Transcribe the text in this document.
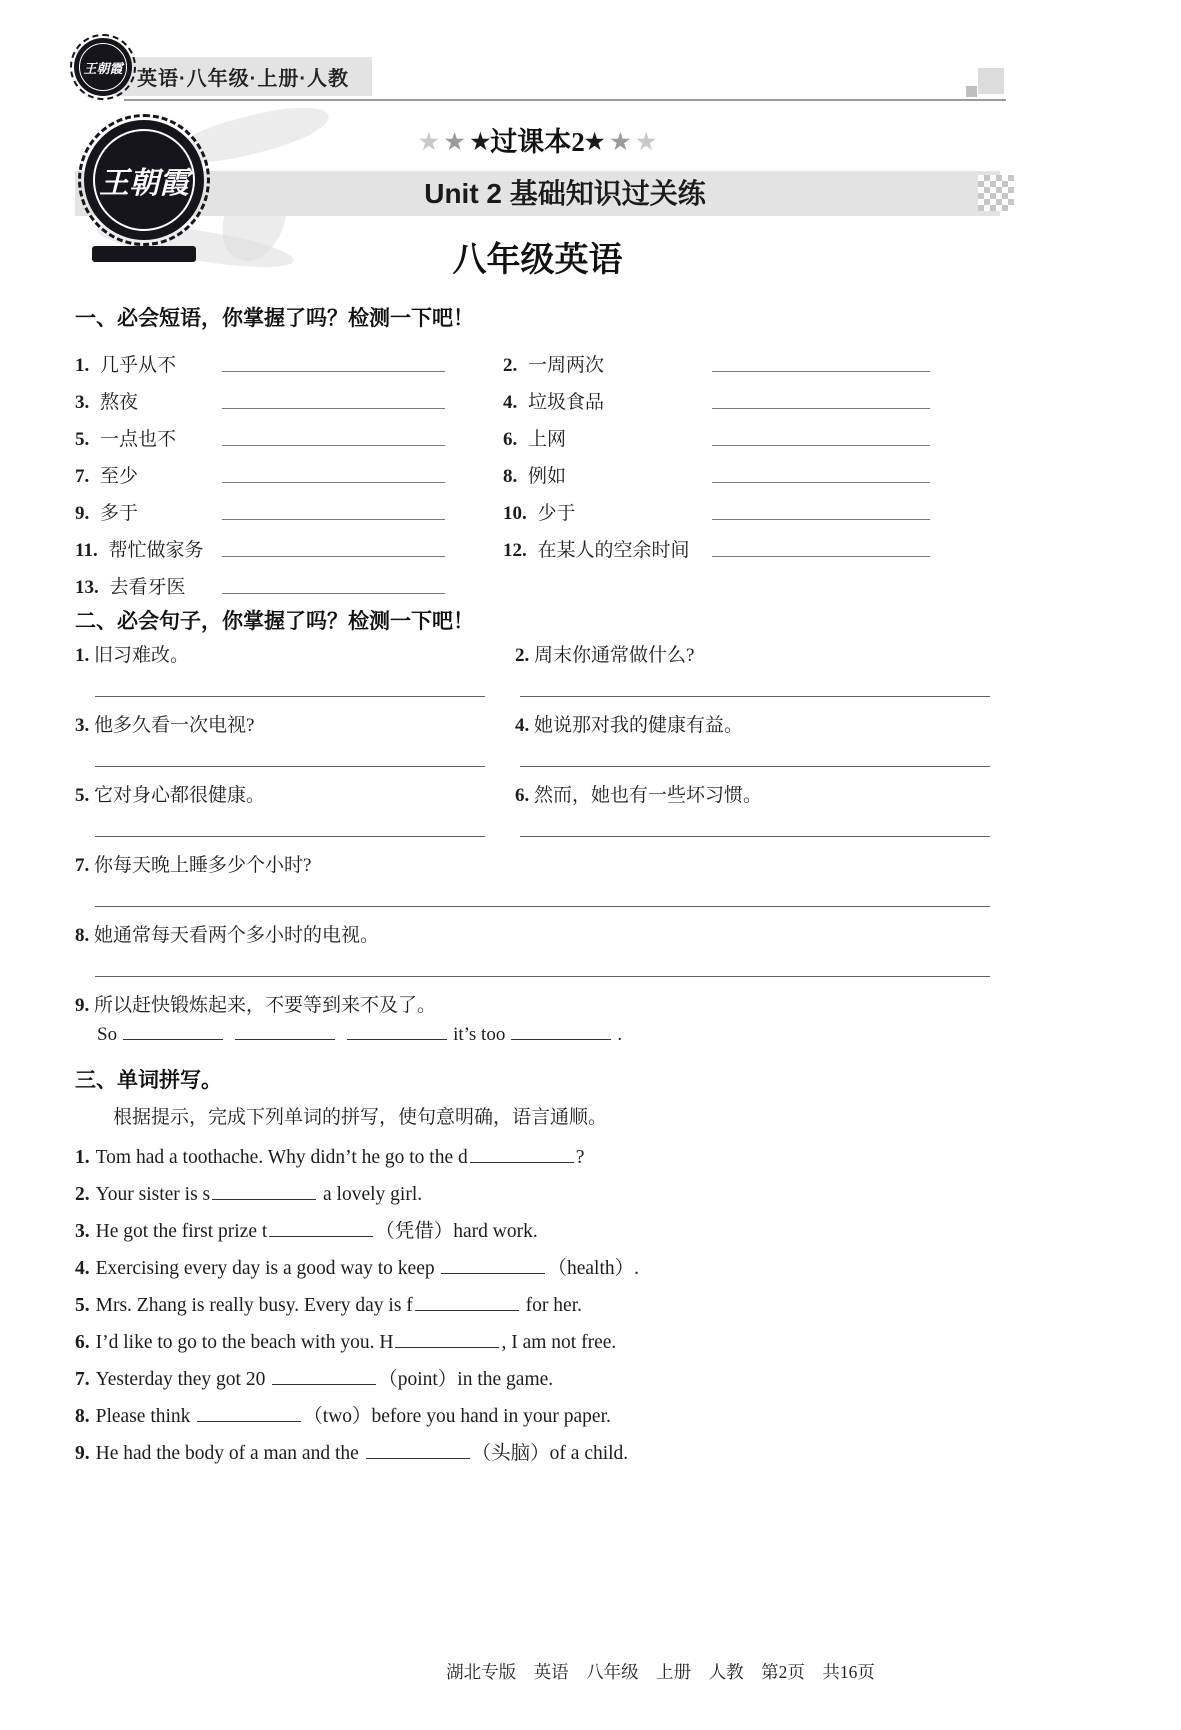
王朝霞 英语·八年级·上册·人教
王朝霞
★ ★ ★过课本2★ ★ ★
Unit 2 基础知识过关练
八年级英语
一、必会短语，你掌握了吗？检测一下吧！
1. 几乎从不	2. 一周两次
3. 熬夜	4. 垃圾食品
5. 一点也不	6. 上网
7. 至少	8. 例如
9. 多于	10. 少于
11. 帮忙做家务	12. 在某人的空余时间
13. 去看牙医
二、必会句子，你掌握了吗？检测一下吧！

1. 旧习难改。	2. 周末你通常做什么?

3. 他多久看一次电视?	4. 她说那对我的健康有益。

5. 它对身心都很健康。	6. 然而，她也有一些坏习惯。

7. 你每天晚上睡多少个小时?

8. 她通常每天看两个多小时的电视。

9. 所以赶快锻炼起来，不要等到来不及了。

So	it’s too	.

三、单词拼写。
根据提示，完成下列单词的拼写，使句意明确，语言通顺。
1. Tom had a toothache. Why didn’t he go to the d	?
2. Your sister is s	a lovely girl.
3. He got the first prize t	（凭借）hard work.
4. Exercising every day is a good way to keep	（health）.
5. Mrs. Zhang is really busy. Every day is f	for her.
6. I’d like to go to the beach with you. H	, I am not free.
7. Yesterday they got 20	（point）in the game.
8. Please think	（two）before you hand in your paper.
9. He had the body of a man and the	（头脑）of a child.
湖北专版　英语　八年级　上册　人教　第2页　共16页
